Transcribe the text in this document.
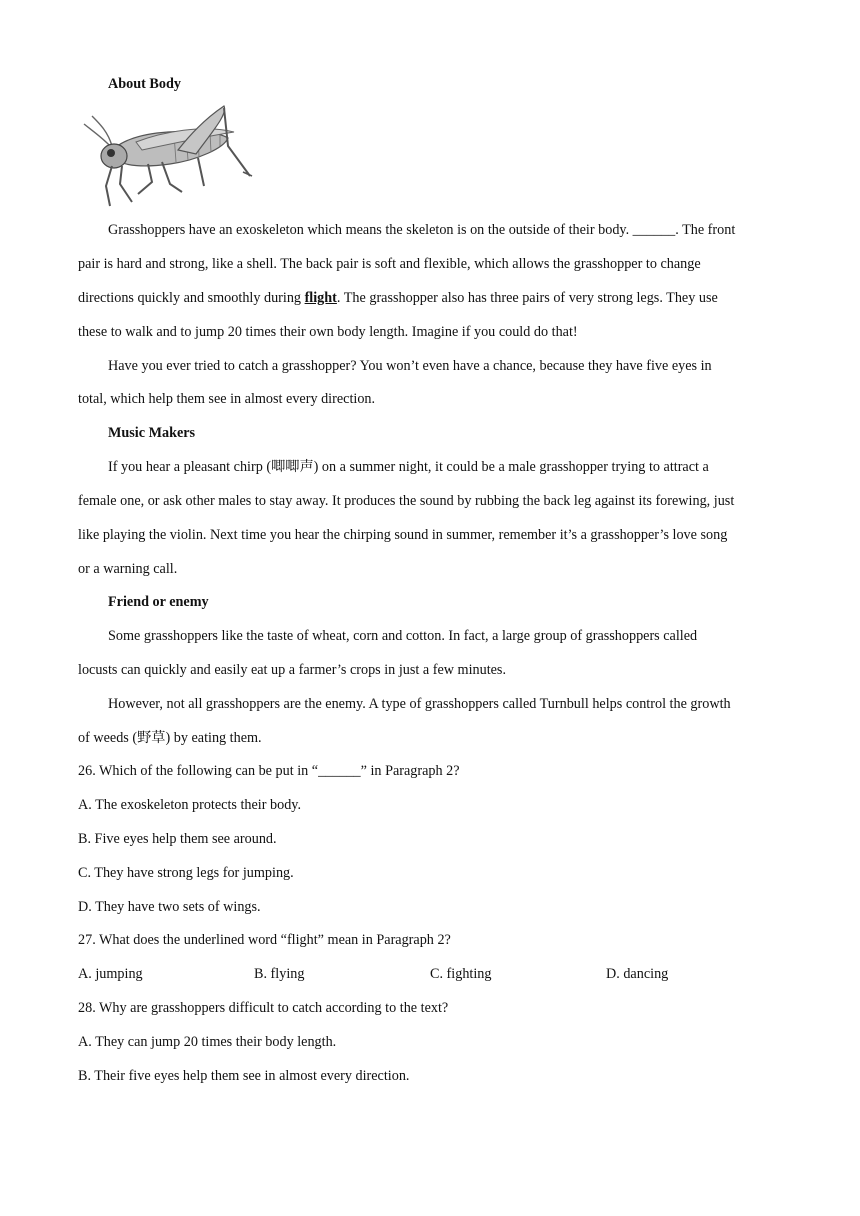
About Body
Grasshoppers have an exoskeleton which means the skeleton is on the outside of their body. ______. The front
pair is hard and strong, like a shell. The back pair is soft and flexible, which allows the grasshopper to change
directions quickly and smoothly during flight. The grasshopper also has three pairs of very strong legs. They use
these to walk and to jump 20 times their own body length. Imagine if you could do that!
Have you ever tried to catch a grasshopper? You won’t even have a chance, because they have five eyes in
total, which help them see in almost every direction.
Music Makers
If you hear a pleasant chirp (唧唧声) on a summer night, it could be a male grasshopper trying to attract a
female one, or ask other males to stay away. It produces the sound by rubbing the back leg against its forewing, just
like playing the violin. Next time you hear the chirping sound in summer, remember it’s a grasshopper’s love song
or a warning call.
Friend or enemy
Some grasshoppers like the taste of wheat, corn and cotton. In fact, a large group of grasshoppers called
locusts can quickly and easily eat up a farmer’s crops in just a few minutes.
However, not all grasshoppers are the enemy. A type of grasshoppers called Turnbull helps control the growth
of weeds (野草) by eating them.
26. Which of the following can be put in “______” in Paragraph 2?
A. The exoskeleton protects their body.
B. Five eyes help them see around.
C. They have strong legs for jumping.
D. They have two sets of wings.
27. What does the underlined word “flight” mean in Paragraph 2?
A. jumping	B. flying	C. fighting	D. dancing
28. Why are grasshoppers difficult to catch according to the text?
A. They can jump 20 times their body length.
B. Their five eyes help them see in almost every direction.
